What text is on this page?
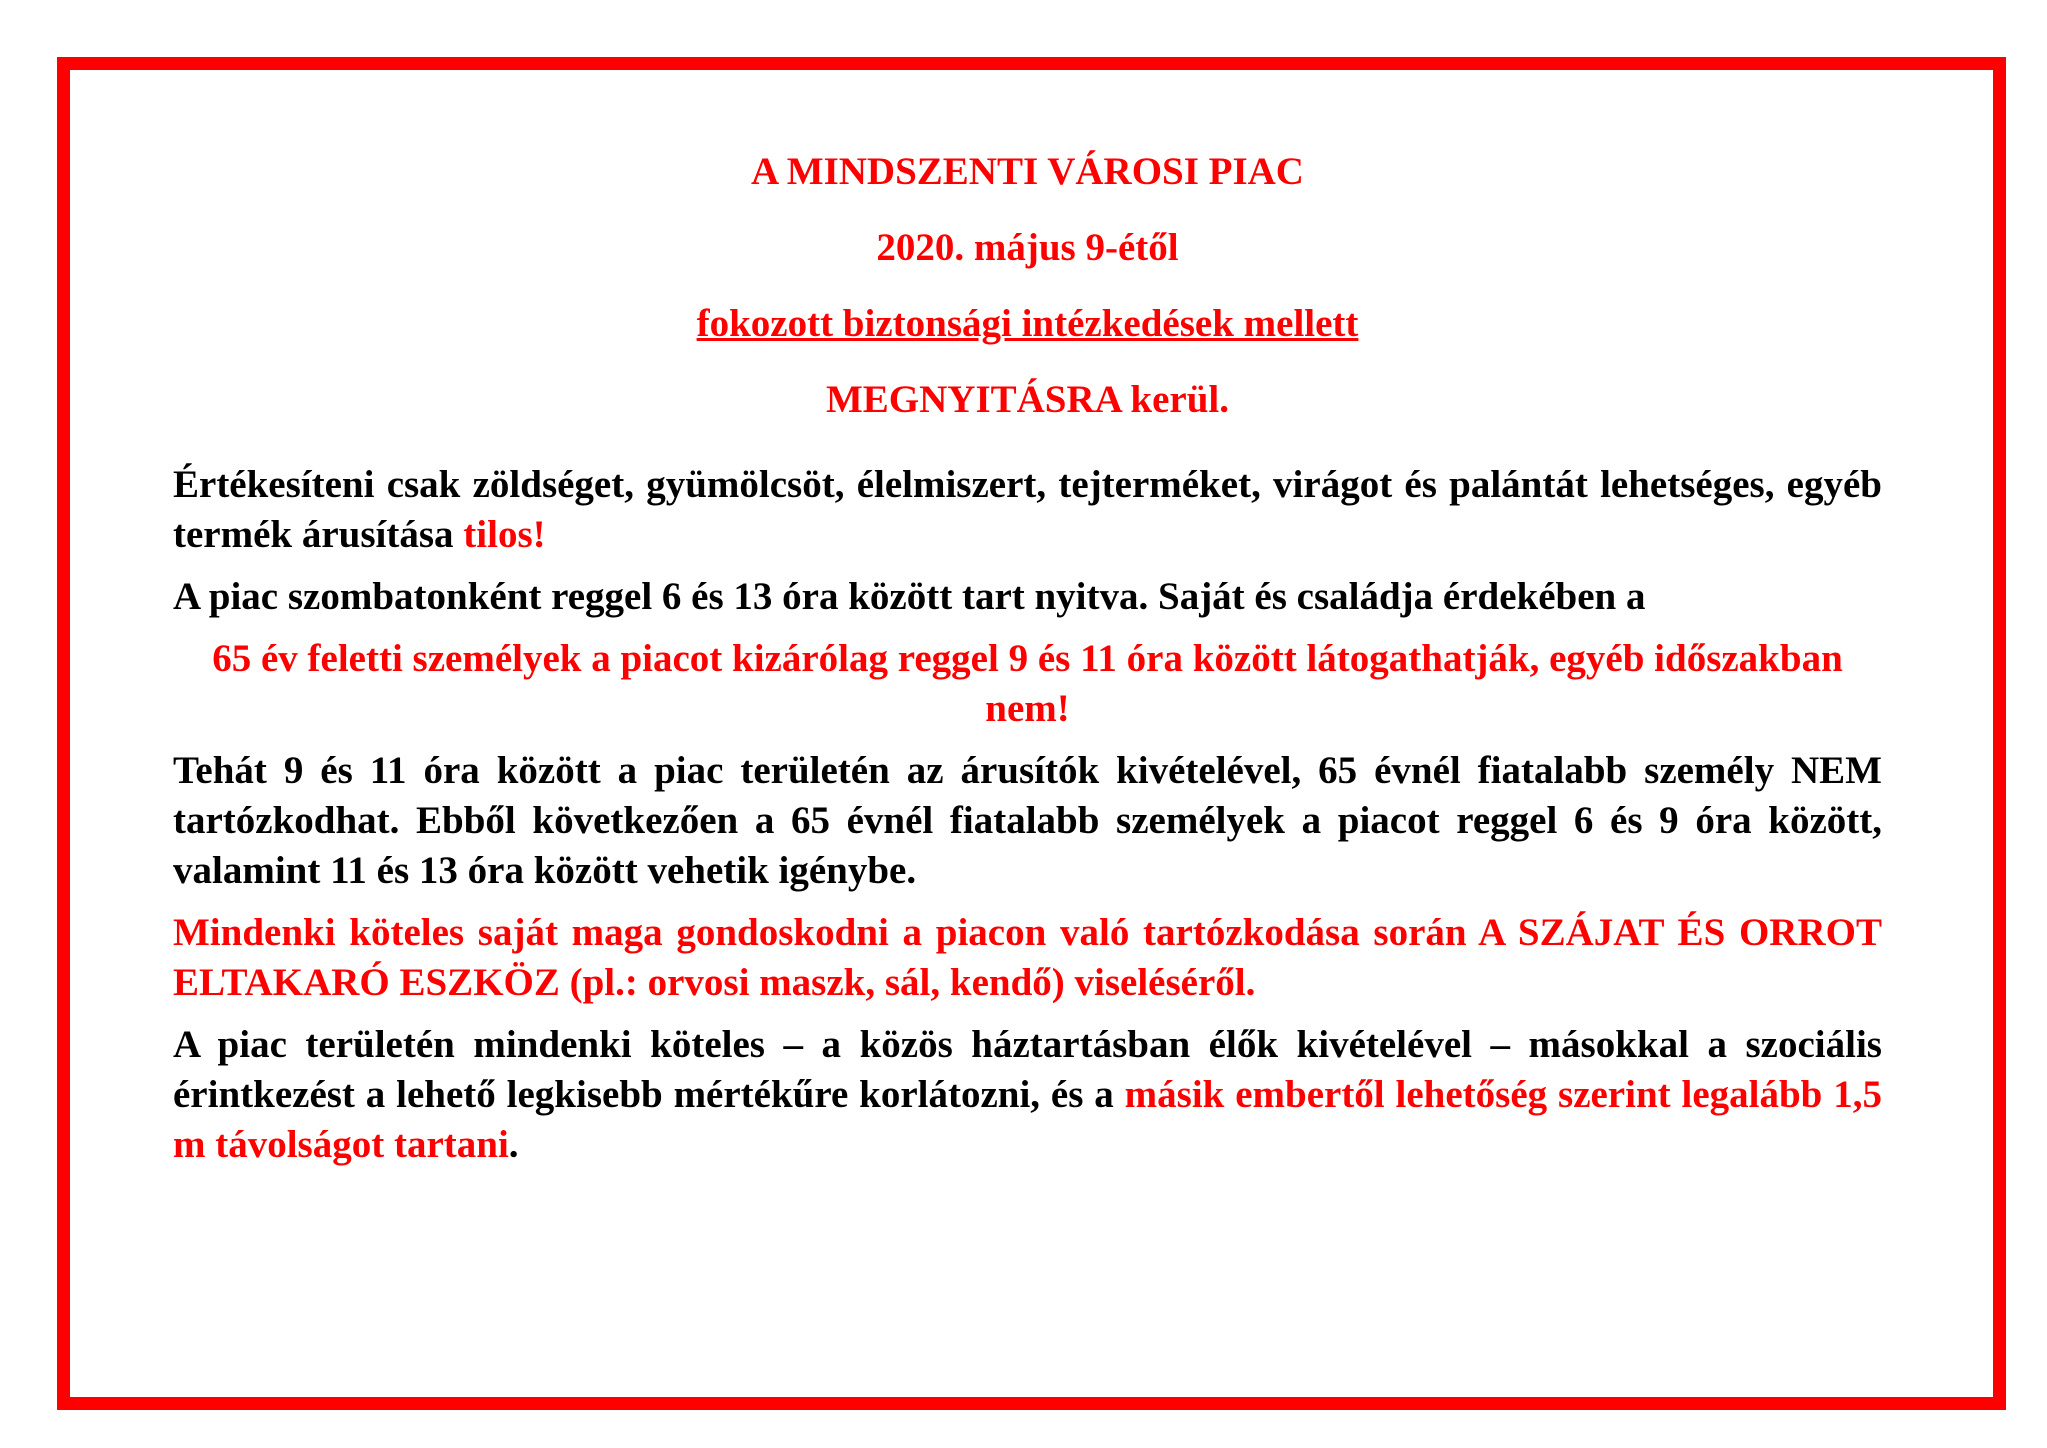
A MINDSZENTI VÁROSI PIAC
2020. május 9-étől
fokozott biztonsági intézkedések mellett
MEGNYITÁSRA kerül.
Értékesíteni csak zöldséget, gyümölcsöt, élelmiszert, tejterméket, virágot és palántát lehetséges, egyéb termék árusítása tilos!
A piac szombatonként reggel 6 és 13 óra között tart nyitva. Saját és családja érdekében a
65 év feletti személyek a piacot kizárólag reggel 9 és 11 óra között látogathatják, egyéb időszakban nem!
Tehát 9 és 11 óra között a piac területén az árusítók kivételével, 65 évnél fiatalabb személy NEM tartózkodhat. Ebből következően a 65 évnél fiatalabb személyek a piacot reggel 6 és 9 óra között, valamint 11 és 13 óra között vehetik igénybe.
Mindenki köteles saját maga gondoskodni a piacon való tartózkodása során A SZÁJAT ÉS ORROT ELTAKARÓ ESZKÖZ (pl.: orvosi maszk, sál, kendő) viseléséről.
A piac területén mindenki köteles – a közös háztartásban élők kivételével – másokkal a szociális érintkezést a lehető legkisebb mértékűre korlátozni, és a másik embertől lehetőség szerint legalább 1,5 m távolságot tartani.
